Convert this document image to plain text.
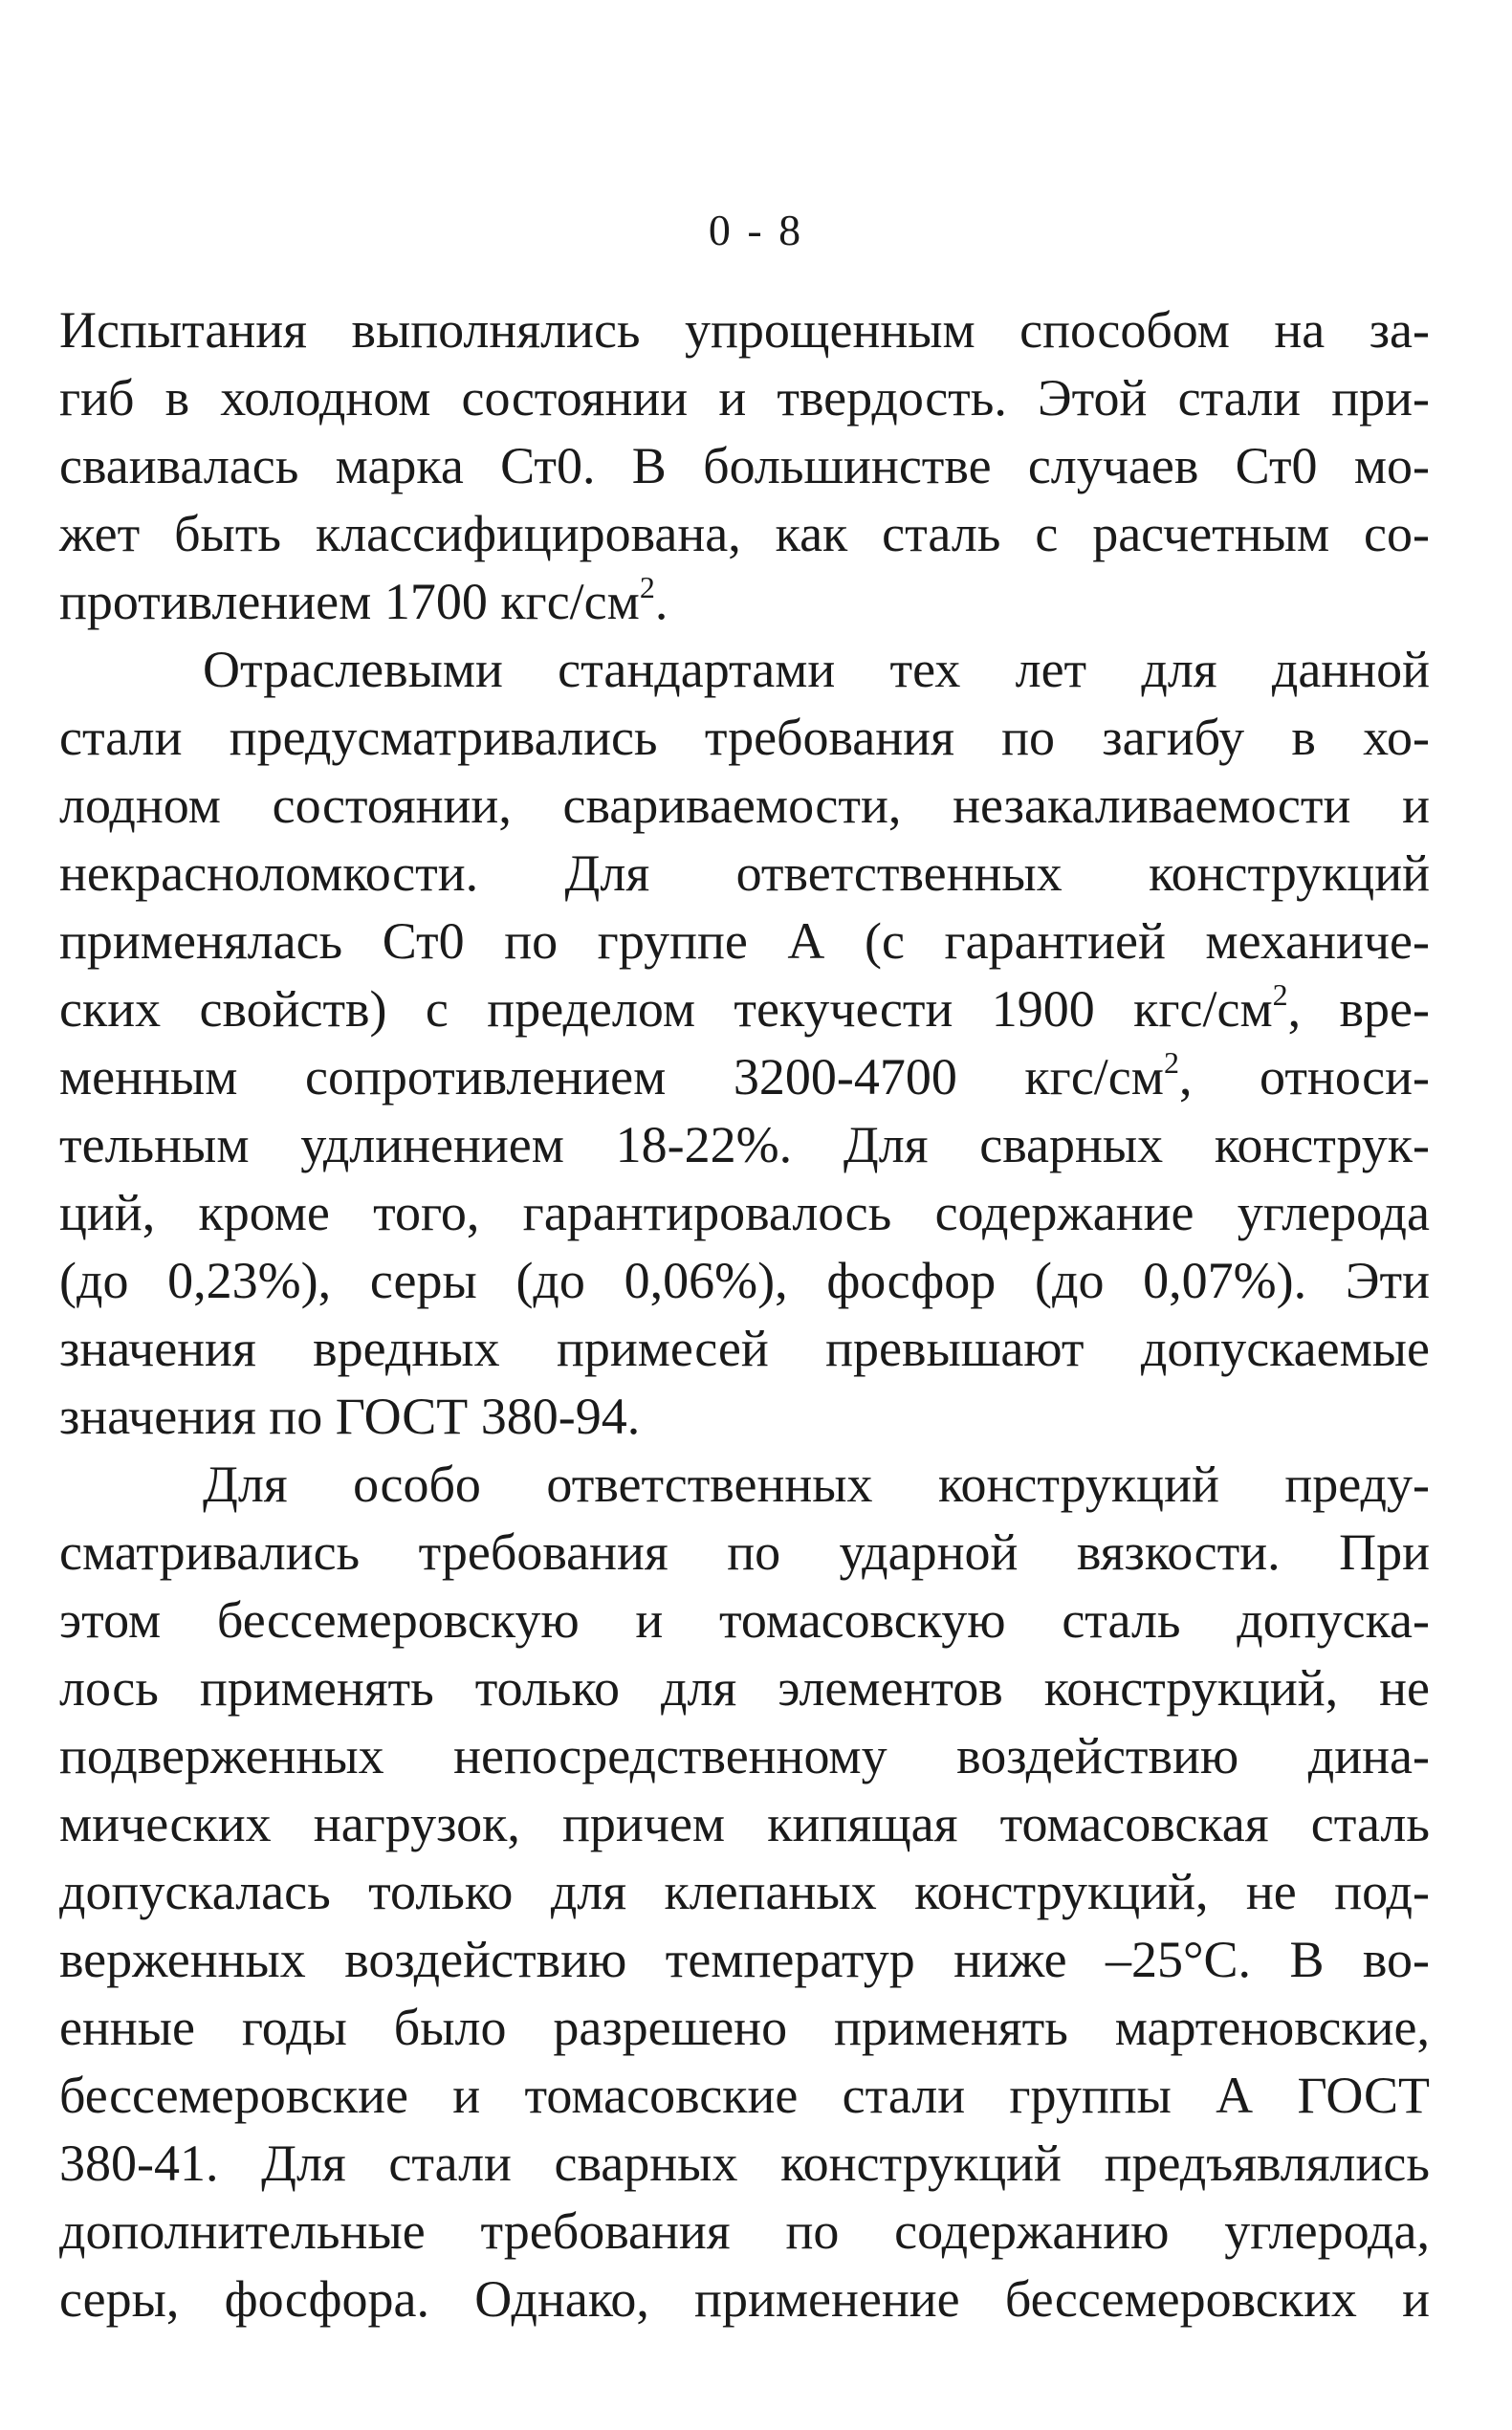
0 - 8
Испытания выполнялись упрощенным способом на за-
гиб в холодном состоянии и твердость. Этой стали при-
сваивалась марка Ст0. В большинстве случаев Ст0 мо-
жет быть классифицирована, как сталь с расчетным со-
противлением 1700 кгс/$см^2$.
Отраслевыми стандартами тех лет для данной
стали предусматривались требования по загибу в хо-
лодном состоянии, свариваемости, незакаливаемости и
некрасноломкости. Для ответственных конструкций
применялась Ст0 по группе А (с гарантией механиче-
ских свойств) с пределом текучести 1900 кгс/$см^2$, вре-
менным сопротивлением 3200-4700 кгс/$см^2$, относи-
тельным удлинением 18-22%. Для сварных конструк-
ций, кроме того, гарантировалось содержание углерода
(до 0,23%), серы (до 0,06%), фосфор (до 0,07%). Эти
значения вредных примесей превышают допускаемые
значения по ГОСТ 380-94.
Для особо ответственных конструкций преду-
сматривались требования по ударной вязкости. При
этом бессемеровскую и томасовскую сталь допуска-
лось применять только для элементов конструкций, не
подверженных непосредственному воздействию дина-
мических нагрузок, причем кипящая томасовская сталь
допускалась только для клепаных конструкций, не под-
верженных воздействию температур ниже –25°С. В во-
енные годы было разрешено применять мартеновские,
бессемеровские и томасовские стали группы А ГОСТ
380-41. Для стали сварных конструкций предъявлялись
дополнительные требования по содержанию углерода,
серы, фосфора. Однако, применение бессемеровских и
